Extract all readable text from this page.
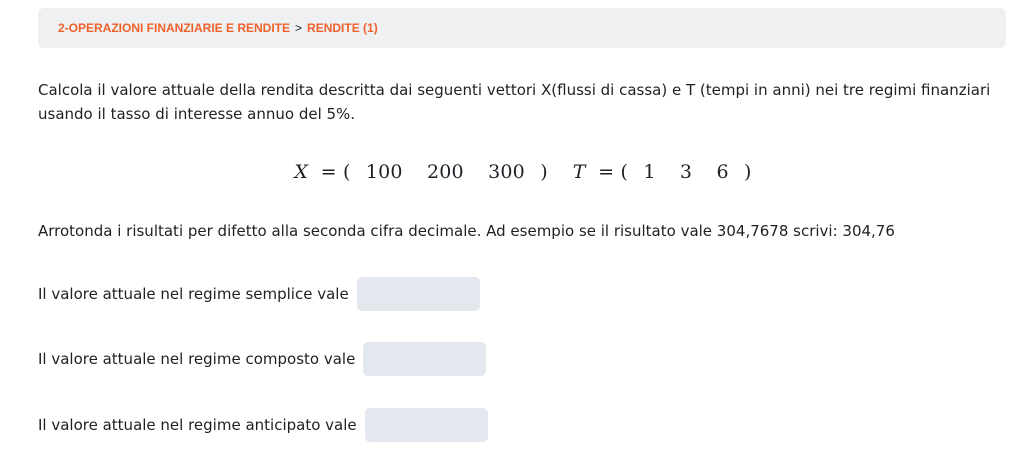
2-OPERAZIONI FINANZIARIE E RENDITE > RENDITE (1)

Calcola il valore attuale della rendita descritta dai seguenti vettori X(flussi di cassa) e T (tempi in anni) nei tre regimi finanziari usando il tasso di interesse annuo del 5%.

X  = ( 100 200 300 )    T  = ( 1 3 6 )

Arrotonda i risultati per difetto alla seconda cifra decimale. Ad esempio se il risultato vale 304,7678 scrivi: 304,76

Il valore attuale nel regime semplice vale
Il valore attuale nel regime composto vale
Il valore attuale nel regime anticipato vale
